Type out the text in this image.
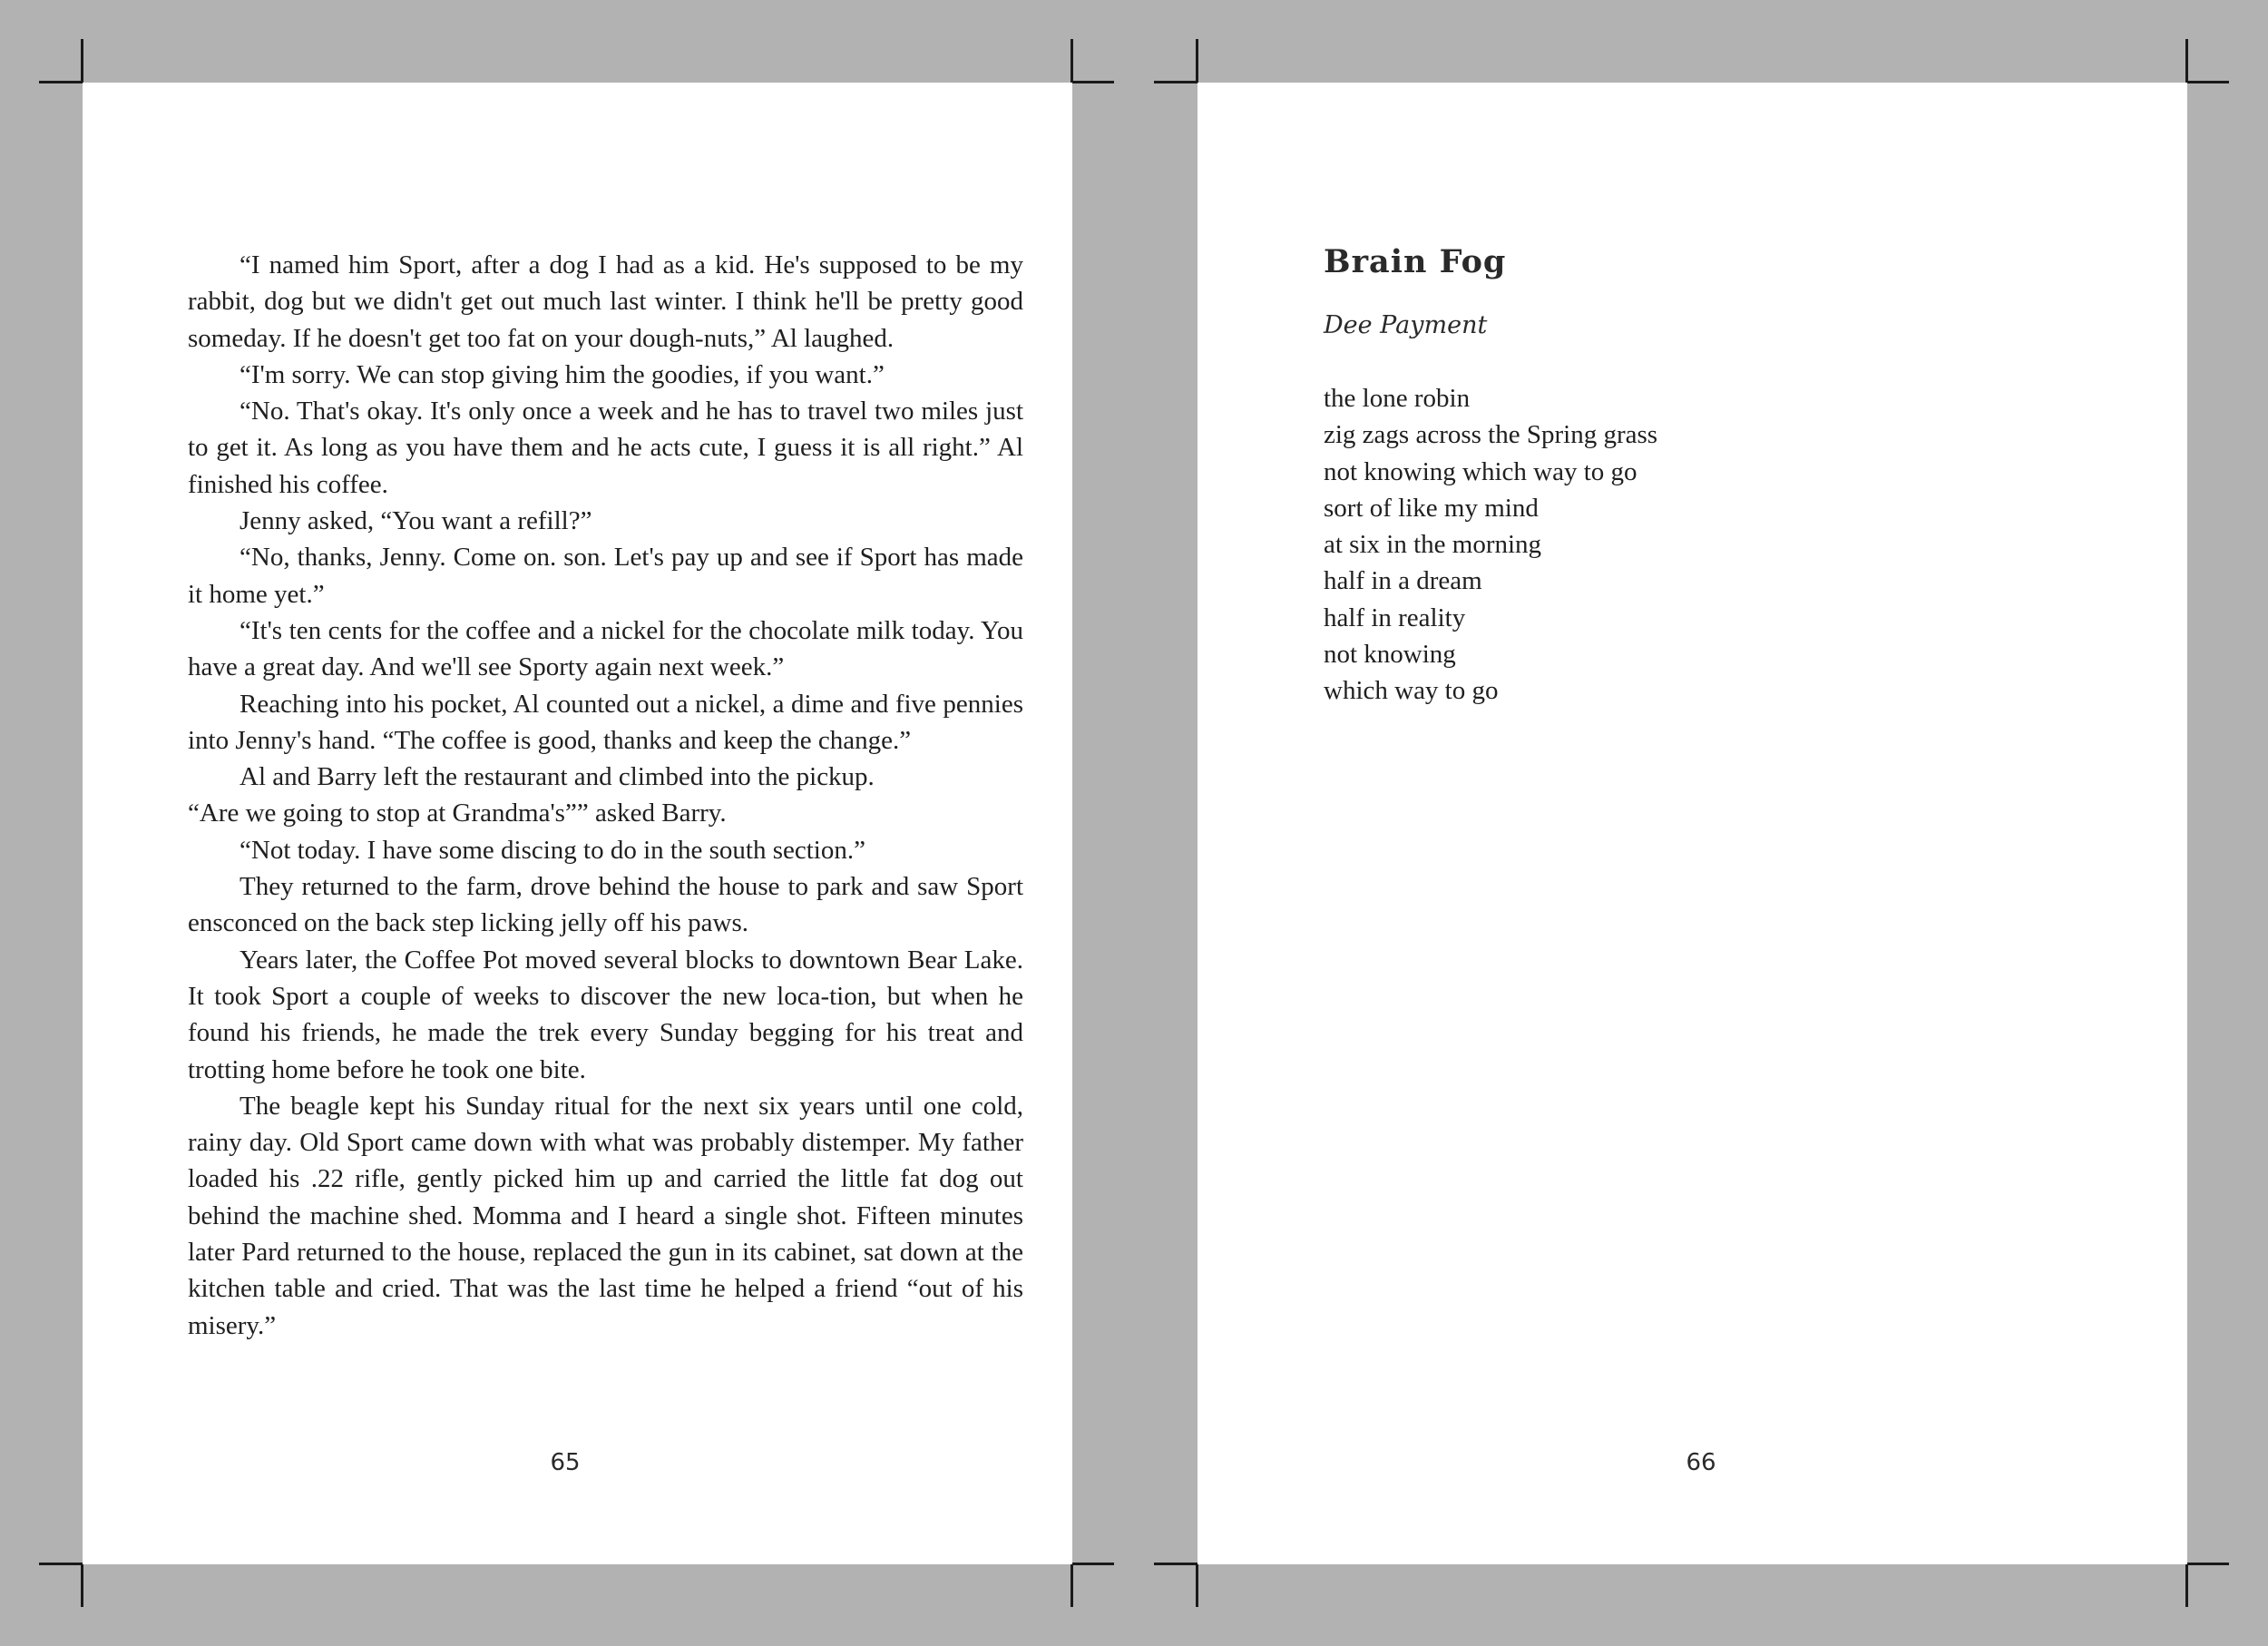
“I named him Sport, after a dog I had as a kid. He's supposed to be my rabbit, dog but we didn't get out much last winter. I think he'll be pretty good someday. If he doesn't get too fat on your dough-nuts,” Al laughed.

“I'm sorry. We can stop giving him the goodies, if you want.”

“No. That's okay. It's only once a week and he has to travel two miles just to get it. As long as you have them and he acts cute, I guess it is all right.” Al finished his coffee.

Jenny asked, “You want a refill?”

“No, thanks, Jenny. Come on. son. Let's pay up and see if Sport has made it home yet.”

“It's ten cents for the coffee and a nickel for the chocolate milk today. You have a great day. And we'll see Sporty again next week.”

Reaching into his pocket, Al counted out a nickel, a dime and five pennies into Jenny's hand. “The coffee is good, thanks and keep the change.”

Al and Barry left the restaurant and climbed into the pickup.

“Are we going to stop at Grandma's”” asked Barry.

“Not today. I have some discing to do in the south section.”

They returned to the farm, drove behind the house to park and saw Sport ensconced on the back step licking jelly off his paws.

Years later, the Coffee Pot moved several blocks to downtown Bear Lake. It took Sport a couple of weeks to discover the new loca-tion, but when he found his friends, he made the trek every Sunday begging for his treat and trotting home before he took one bite.

The beagle kept his Sunday ritual for the next six years until one cold, rainy day. Old Sport came down with what was probably distemper. My father loaded his .22 rifle, gently picked him up and carried the little fat dog out behind the machine shed. Momma and I heard a single shot. Fifteen minutes later Pard returned to the house, replaced the gun in its cabinet, sat down at the kitchen table and cried. That was the last time he helped a friend “out of his misery.”

65
Brain Fog
Dee Payment
the lone robin
zig zags across the Spring grass
not knowing which way to go
sort of like my mind
at six in the morning
half in a dream
half in reality
not knowing
which way to go
66
